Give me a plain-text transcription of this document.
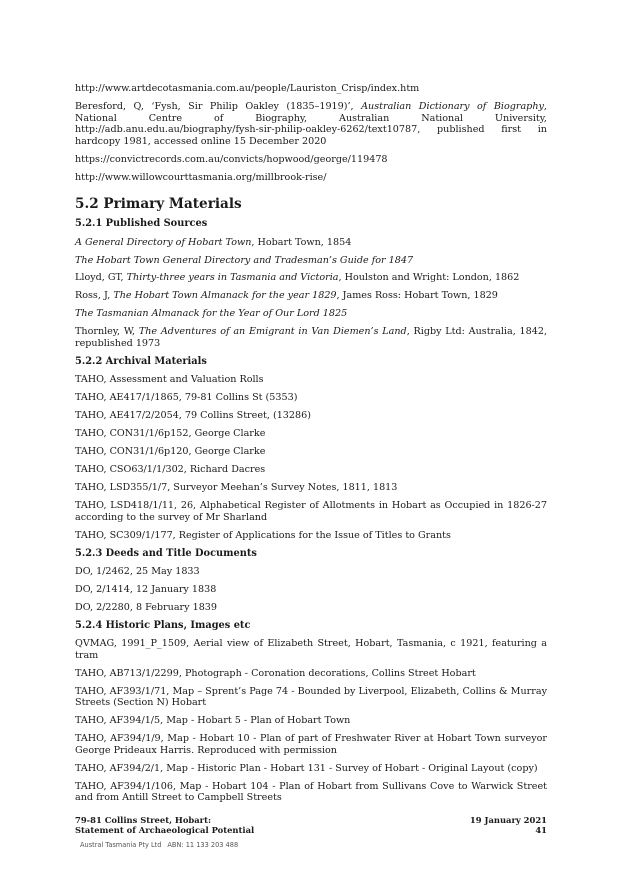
http://www.artdecotasmania.com.au/people/Lauriston_Crisp/index.htm

Beresford, Q, ‘Fysh, Sir Philip Oakley (1835–1919)’, Australian Dictionary of Biography, National Centre of Biography, Australian National University, http://adb.anu.edu.au/biography/fysh-sir-philip-oakley-6262/text10787, published first in hardcopy 1981, accessed online 15 December 2020

https://convictrecords.com.au/convicts/hopwood/george/119478

http://www.willowcourttasmania.org/millbrook-rise/

5.2 Primary Materials
5.2.1 Published Sources

A General Directory of Hobart Town, Hobart Town, 1854

The Hobart Town General Directory and Tradesman’s Guide for 1847

Lloyd, GT, Thirty-three years in Tasmania and Victoria, Houlston and Wright: London, 1862

Ross, J, The Hobart Town Almanack for the year 1829, James Ross: Hobart Town, 1829

The Tasmanian Almanack for the Year of Our Lord 1825

Thornley, W, The Adventures of an Emigrant in Van Diemen’s Land, Rigby Ltd: Australia, 1842, republished 1973

5.2.2 Archival Materials

TAHO, Assessment and Valuation Rolls

TAHO, AE417/1/1865, 79-81 Collins St (5353)

TAHO, AE417/2/2054, 79 Collins Street, (13286)

TAHO, CON31/1/6p152, George Clarke

TAHO, CON31/1/6p120, George Clarke

TAHO, CSO63/1/1/302, Richard Dacres

TAHO, LSD355/1/7, Surveyor Meehan’s Survey Notes, 1811, 1813

TAHO, LSD418/1/11, 26, Alphabetical Register of Allotments in Hobart as Occupied in 1826-27 according to the survey of Mr Sharland

TAHO, SC309/1/177, Register of Applications for the Issue of Titles to Grants

5.2.3 Deeds and Title Documents

DO, 1/2462, 25 May 1833

DO, 2/1414, 12 January 1838

DO, 2/2280, 8 February 1839

5.2.4 Historic Plans, Images etc

QVMAG, 1991_P_1509, Aerial view of Elizabeth Street, Hobart, Tasmania, c 1921, featuring a tram

TAHO, AB713/1/2299, Photograph - Coronation decorations, Collins Street Hobart

TAHO, AF393/1/71, Map – Sprent’s Page 74 - Bounded by Liverpool, Elizabeth, Collins & Murray Streets (Section N) Hobart

TAHO, AF394/1/5, Map - Hobart 5 - Plan of Hobart Town

TAHO, AF394/1/9, Map - Hobart 10 - Plan of part of Freshwater River at Hobart Town surveyor George Prideaux Harris. Reproduced with permission

TAHO, AF394/2/1, Map - Historic Plan - Hobart 131 - Survey of Hobart - Original Layout (copy)

TAHO, AF394/1/106, Map - Hobart 104 - Plan of Hobart from Sullivans Cove to Warwick Street and from Antill Street to Campbell Streets

79-81 Collins Street, Hobart:	19 January 2021
Statement of Archaeological Potential	41
Austral Tasmania Pty Ltd ABN: 11 133 203 488
